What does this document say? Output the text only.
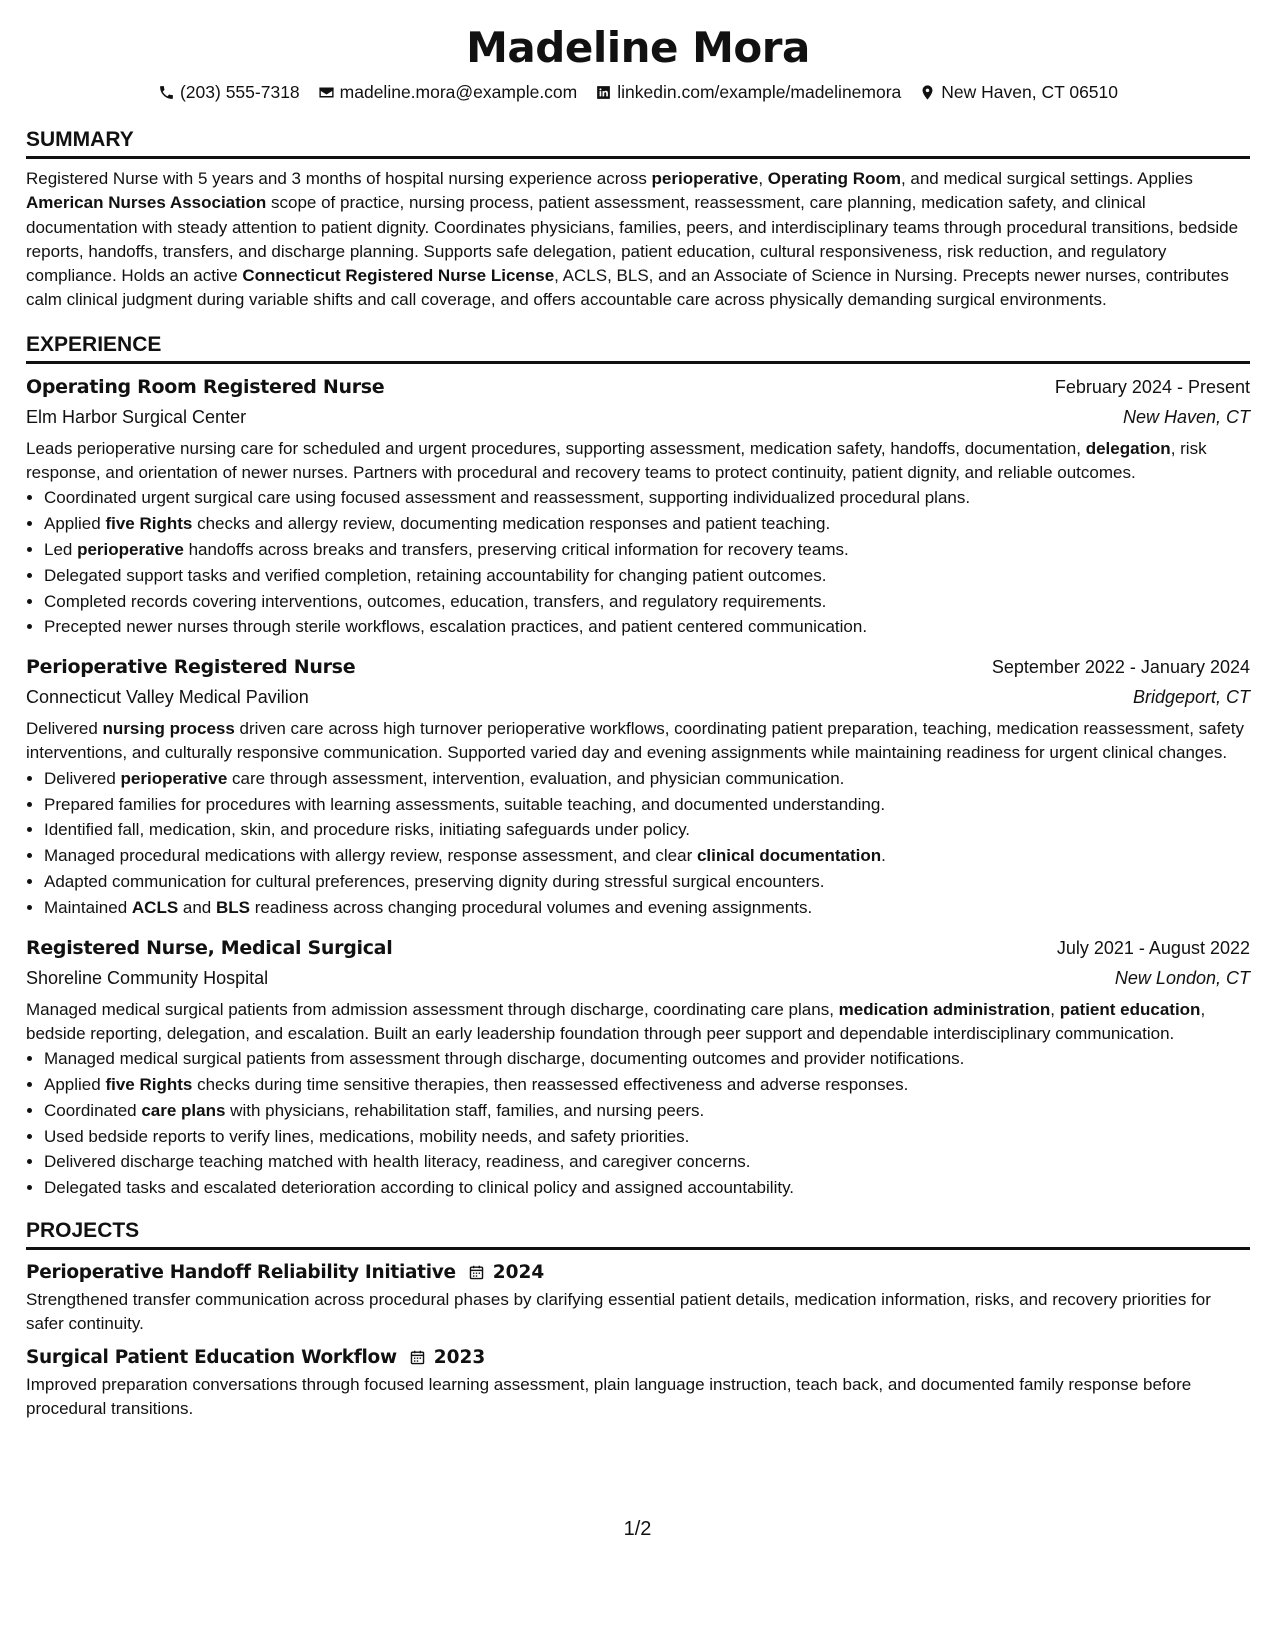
Madeline Mora
(203) 555-7318 madeline.mora@example.com linkedin.com/example/madelinemora New Haven, CT 06510
SUMMARY

Registered Nurse with 5 years and 3 months of hospital nursing experience across perioperative, Operating Room, and medical surgical settings. Applies American Nurses Association scope of practice, nursing process, patient assessment, reassessment, care planning, medication safety, and clinical documentation with steady attention to patient dignity. Coordinates physicians, families, peers, and interdisciplinary teams through procedural transitions, bedside reports, handoffs, transfers, and discharge planning. Supports safe delegation, patient education, cultural responsiveness, risk reduction, and regulatory compliance. Holds an active Connecticut Registered Nurse License, ACLS, BLS, and an Associate of Science in Nursing. Precepts newer nurses, contributes calm clinical judgment during variable shifts and call coverage, and offers accountable care across physically demanding surgical environments.

EXPERIENCE
Operating Room Registered Nurse	February 2024 - Present
Elm Harbor Surgical Center	New Haven, CT

Leads perioperative nursing care for scheduled and urgent procedures, supporting assessment, medication safety, handoffs, documentation, delegation, risk response, and orientation of newer nurses. Partners with procedural and recovery teams to protect continuity, patient dignity, and reliable outcomes.

• Coordinated urgent surgical care using focused assessment and reassessment, supporting individualized procedural plans.
• Applied five Rights checks and allergy review, documenting medication responses and patient teaching.
• Led perioperative handoffs across breaks and transfers, preserving critical information for recovery teams.
• Delegated support tasks and verified completion, retaining accountability for changing patient outcomes.
• Completed records covering interventions, outcomes, education, transfers, and regulatory requirements.
• Precepted newer nurses through sterile workflows, escalation practices, and patient centered communication.
Perioperative Registered Nurse	September 2022 - January 2024
Connecticut Valley Medical Pavilion	Bridgeport, CT

Delivered nursing process driven care across high turnover perioperative workflows, coordinating patient preparation, teaching, medication reassessment, safety interventions, and culturally responsive communication. Supported varied day and evening assignments while maintaining readiness for urgent clinical changes.

• Delivered perioperative care through assessment, intervention, evaluation, and physician communication.
• Prepared families for procedures with learning assessments, suitable teaching, and documented understanding.
• Identified fall, medication, skin, and procedure risks, initiating safeguards under policy.
• Managed procedural medications with allergy review, response assessment, and clear clinical documentation.
• Adapted communication for cultural preferences, preserving dignity during stressful surgical encounters.
• Maintained ACLS and BLS readiness across changing procedural volumes and evening assignments.
Registered Nurse, Medical Surgical	July 2021 - August 2022
Shoreline Community Hospital	New London, CT

Managed medical surgical patients from admission assessment through discharge, coordinating care plans, medication administration, patient education, bedside reporting, delegation, and escalation. Built an early leadership foundation through peer support and dependable interdisciplinary communication.

• Managed medical surgical patients from assessment through discharge, documenting outcomes and provider notifications.
• Applied five Rights checks during time sensitive therapies, then reassessed effectiveness and adverse responses.
• Coordinated care plans with physicians, rehabilitation staff, families, and nursing peers.
• Used bedside reports to verify lines, medications, mobility needs, and safety priorities.
• Delivered discharge teaching matched with health literacy, readiness, and caregiver concerns.
• Delegated tasks and escalated deterioration according to clinical policy and assigned accountability.
PROJECTS
Perioperative Handoff Reliability Initiative 2024

Strengthened transfer communication across procedural phases by clarifying essential patient details, medication information, risks, and recovery priorities for safer continuity.

Surgical Patient Education Workflow 2023

Improved preparation conversations through focused learning assessment, plain language instruction, teach back, and documented family response before procedural transitions.

1/2
